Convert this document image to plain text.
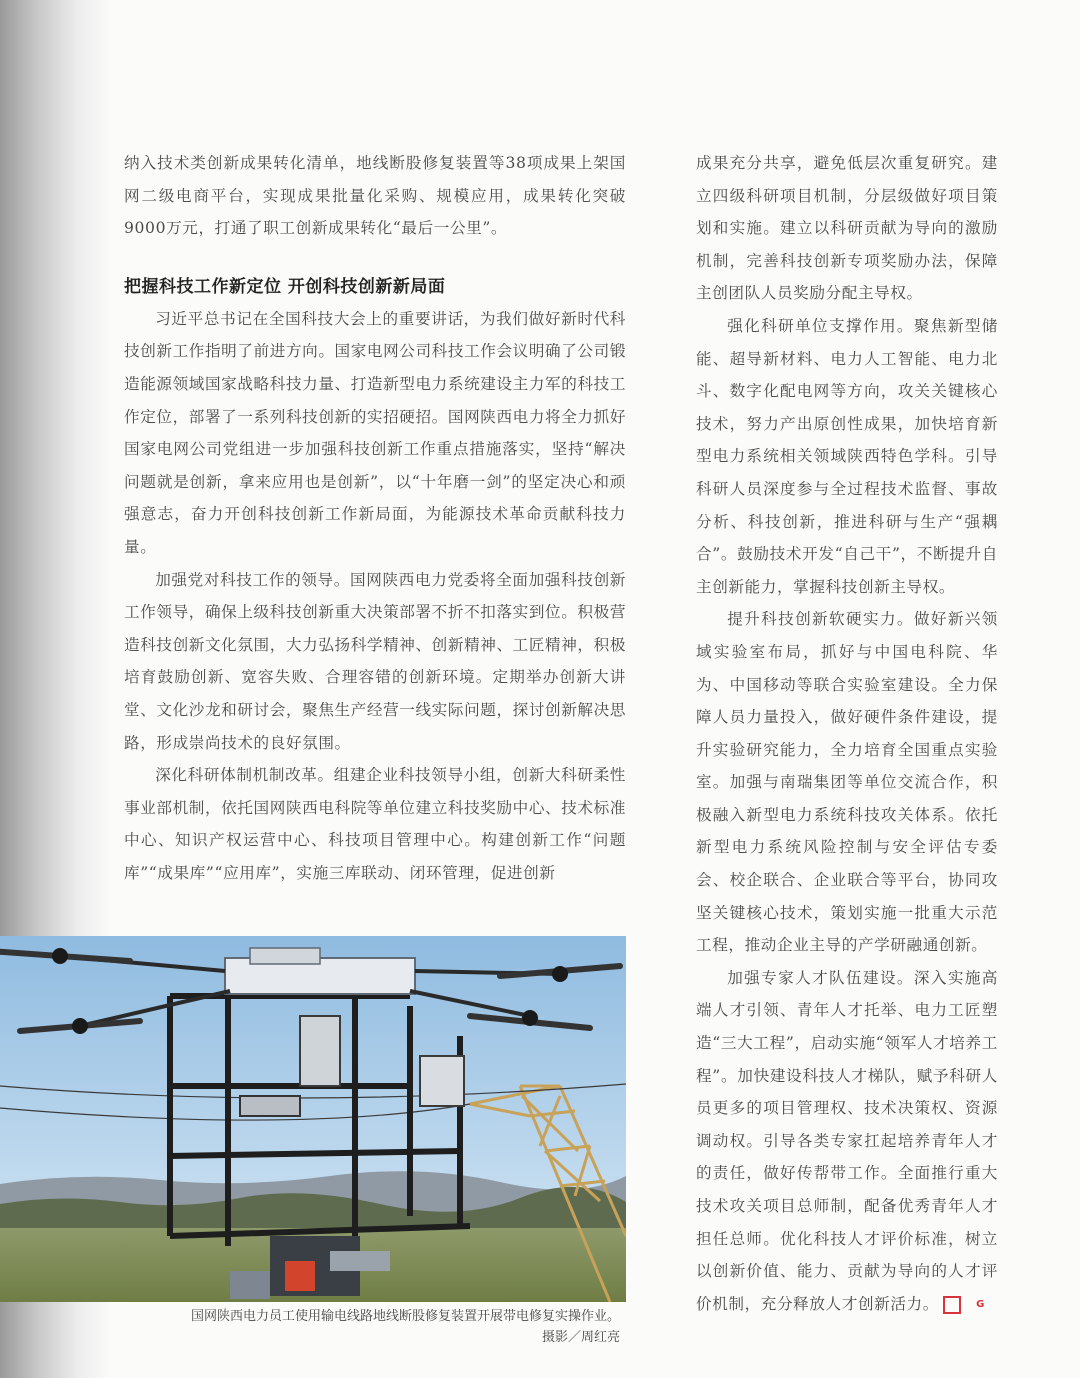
纳入技术类创新成果转化清单，地线断股修复装置等38项成果上架国网二级电商平台，实现成果批量化采购、规模应用，成果转化突破9000万元，打通了职工创新成果转化“最后一公里”。

把握科技工作新定位 开创科技创新新局面

习近平总书记在全国科技大会上的重要讲话，为我们做好新时代科技创新工作指明了前进方向。国家电网公司科技工作会议明确了公司锻造能源领域国家战略科技力量、打造新型电力系统建设主力军的科技工作定位，部署了一系列科技创新的实招硬招。国网陕西电力将全力抓好国家电网公司党组进一步加强科技创新工作重点措施落实，坚持“解决问题就是创新，拿来应用也是创新”，以“十年磨一剑”的坚定决心和顽强意志，奋力开创科技创新工作新局面，为能源技术革命贡献科技力量。

加强党对科技工作的领导。国网陕西电力党委将全面加强科技创新工作领导，确保上级科技创新重大决策部署不折不扣落实到位。积极营造科技创新文化氛围，大力弘扬科学精神、创新精神、工匠精神，积极培育鼓励创新、宽容失败、合理容错的创新环境。定期举办创新大讲堂、文化沙龙和研讨会，聚焦生产经营一线实际问题，探讨创新解决思路，形成崇尚技术的良好氛围。

深化科研体制机制改革。组建企业科技领导小组，创新大科研柔性事业部机制，依托国网陕西电科院等单位建立科技奖励中心、技术标准中心、知识产权运营中心、科技项目管理中心。构建创新工作“问题库”“成果库”“应用库”，实施三库联动、闭环管理，促进创新

成果充分共享，避免低层次重复研究。建立四级科研项目机制，分层级做好项目策划和实施。建立以科研贡献为导向的激励机制，完善科技创新专项奖励办法，保障主创团队人员奖励分配主导权。

强化科研单位支撑作用。聚焦新型储能、超导新材料、电力人工智能、电力北斗、数字化配电网等方向，攻关关键核心技术，努力产出原创性成果，加快培育新型电力系统相关领域陕西特色学科。引导科研人员深度参与全过程技术监督、事故分析、科技创新，推进科研与生产“强耦合”。鼓励技术开发“自己干”，不断提升自主创新能力，掌握科技创新主导权。

提升科技创新软硬实力。做好新兴领域实验室布局，抓好与中国电科院、华为、中国移动等联合实验室建设。全力保障人员力量投入，做好硬件条件建设，提升实验研究能力，全力培育全国重点实验室。加强与南瑞集团等单位交流合作，积极融入新型电力系统科技攻关体系。依托新型电力系统风险控制与安全评估专委会、校企联合、企业联合等平台，协同攻坚关键核心技术，策划实施一批重大示范工程，推动企业主导的产学研融通创新。

加强专家人才队伍建设。深入实施高端人才引领、青年人才托举、电力工匠塑造“三大工程”，启动实施“领军人才培养工程”。加快建设科技人才梯队，赋予科研人员更多的项目管理权、技术决策权、资源调动权。引导各类专家扛起培养青年人才的责任，做好传帮带工作。全面推行重大技术攻关项目总师制，配备优秀青年人才担任总师。优化科技人才评价标准，树立以创新价值、能力、贡献为导向的人才评价机制，充分释放人才创新活力。	G

国网陕西电力员工使用输电线路地线断股修复装置开展带电修复实操作业。
摄影／周红亮
